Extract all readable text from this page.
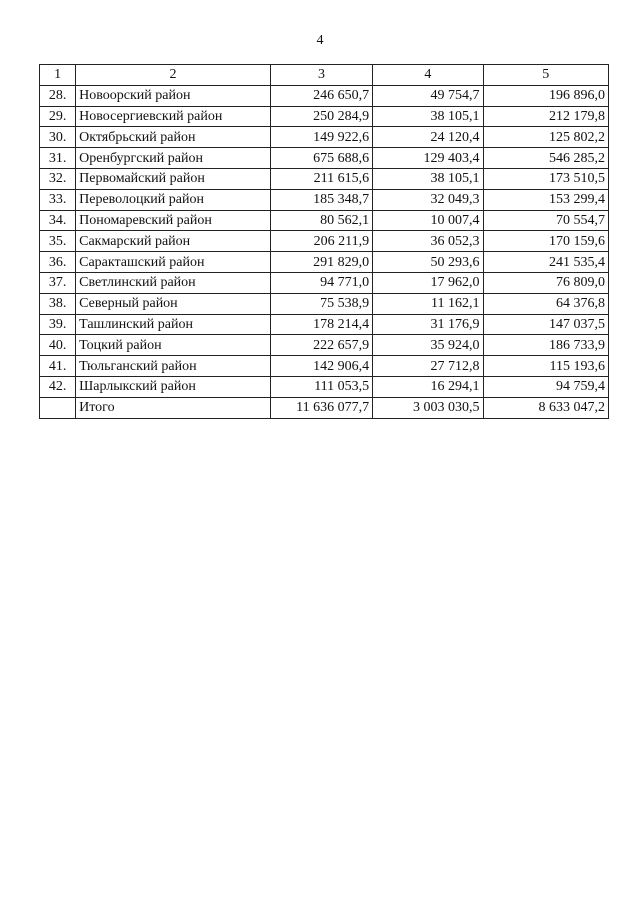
4
1	2	3	4	5
28.	Новоорский район	246 650,7	49 754,7	196 896,0
29.	Новосергиевский район	250 284,9	38 105,1	212 179,8
30.	Октябрьский район	149 922,6	24 120,4	125 802,2
31.	Оренбургский район	675 688,6	129 403,4	546 285,2
32.	Первомайский район	211 615,6	38 105,1	173 510,5
33.	Переволоцкий район	185 348,7	32 049,3	153 299,4
34.	Пономаревский район	80 562,1	10 007,4	70 554,7
35.	Сакмарский район	206 211,9	36 052,3	170 159,6
36.	Саракташский район	291 829,0	50 293,6	241 535,4
37.	Светлинский район	94 771,0	17 962,0	76 809,0
38.	Северный район	75 538,9	11 162,1	64 376,8
39.	Ташлинский район	178 214,4	31 176,9	147 037,5
40.	Тоцкий район	222 657,9	35 924,0	186 733,9
41.	Тюльганский район	142 906,4	27 712,8	115 193,6
42.	Шарлыкский район	111 053,5	16 294,1	94 759,4
	Итого	11 636 077,7	3 003 030,5	8 633 047,2
